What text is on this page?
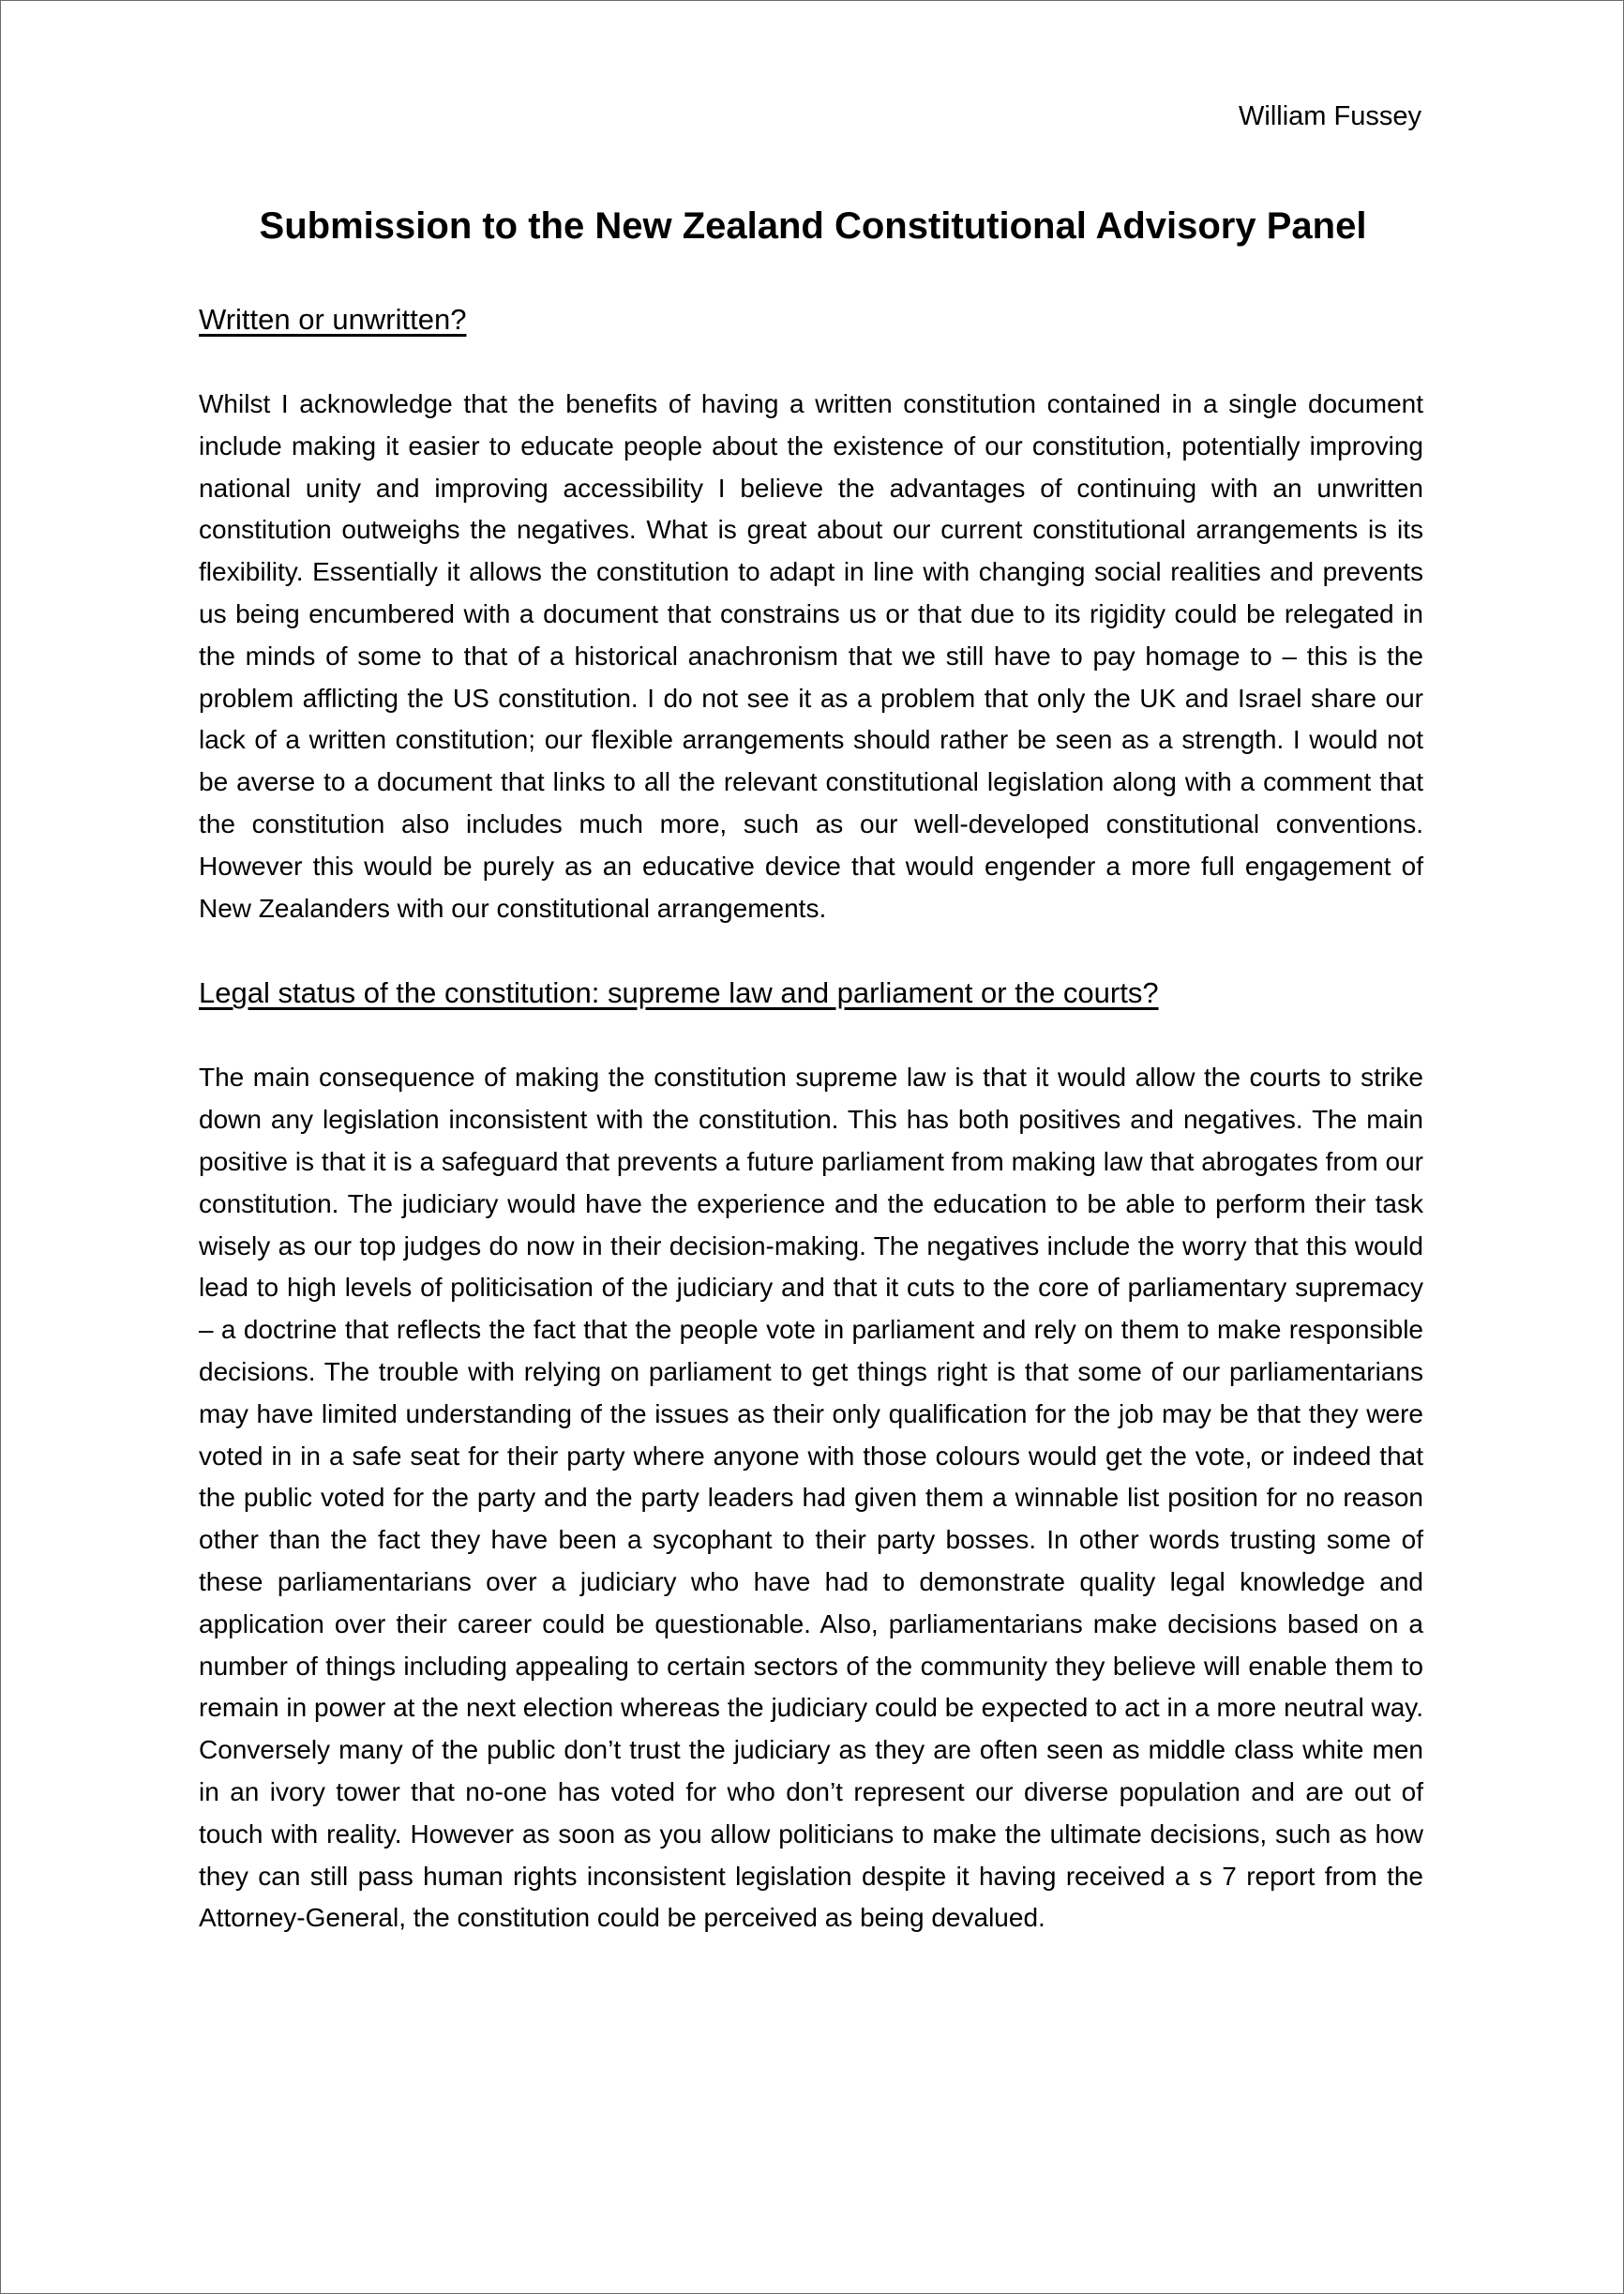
William Fussey
Submission to the New Zealand Constitutional Advisory Panel
Written or unwritten?

Whilst I acknowledge that the benefits of having a written constitution contained in a single document include making it easier to educate people about the existence of our constitution, potentially improving national unity and improving accessibility I believe the advantages of continuing with an unwritten constitution outweighs the negatives. What is great about our current constitutional arrangements is its flexibility. Essentially it allows the constitution to adapt in line with changing social realities and prevents us being encumbered with a document that constrains us or that due to its rigidity could be relegated in the minds of some to that of a historical anachronism that we still have to pay homage to – this is the problem afflicting the US constitution. I do not see it as a problem that only the UK and Israel share our lack of a written constitution; our flexible arrangements should rather be seen as a strength. I would not be averse to a document that links to all the relevant constitutional legislation along with a comment that the constitution also includes much more, such as our well-developed constitutional conventions. However this would be purely as an educative device that would engender a more full engagement of New Zealanders with our constitutional arrangements.

Legal status of the constitution: supreme law and parliament or the courts?

The main consequence of making the constitution supreme law is that it would allow the courts to strike down any legislation inconsistent with the constitution. This has both positives and negatives. The main positive is that it is a safeguard that prevents a future parliament from making law that abrogates from our constitution. The judiciary would have the experience and the education to be able to perform their task wisely as our top judges do now in their decision-making. The negatives include the worry that this would lead to high levels of politicisation of the judiciary and that it cuts to the core of parliamentary supremacy – a doctrine that reflects the fact that the people vote in parliament and rely on them to make responsible decisions. The trouble with relying on parliament to get things right is that some of our parliamentarians may have limited understanding of the issues as their only qualification for the job may be that they were voted in in a safe seat for their party where anyone with those colours would get the vote, or indeed that the public voted for the party and the party leaders had given them a winnable list position for no reason other than the fact they have been a sycophant to their party bosses. In other words trusting some of these parliamentarians over a judiciary who have had to demonstrate quality legal knowledge and application over their career could be questionable. Also, parliamentarians make decisions based on a number of things including appealing to certain sectors of the community they believe will enable them to remain in power at the next election whereas the judiciary could be expected to act in a more neutral way. Conversely many of the public don’t trust the judiciary as they are often seen as middle class white men in an ivory tower that no-one has voted for who don’t represent our diverse population and are out of touch with reality. However as soon as you allow politicians to make the ultimate decisions, such as how they can still pass human rights inconsistent legislation despite it having received a s 7 report from the Attorney-General, the constitution could be perceived as being devalued.
